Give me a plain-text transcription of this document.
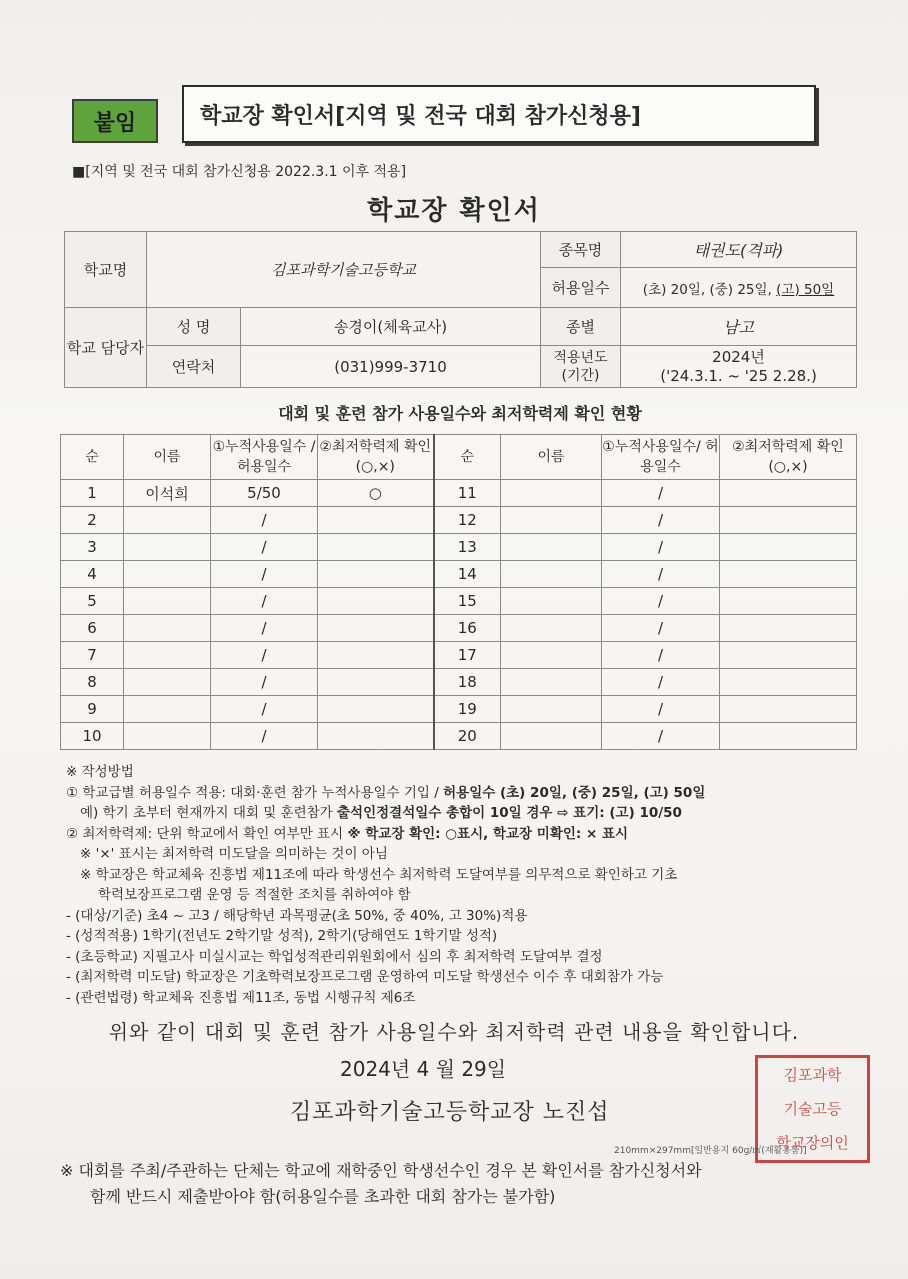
붙임	학교장 확인서[지역 및 전국 대회 참가신청용]
■[지역 및 전국 대회 참가신청용 2022.3.1 이후 적용]
학교장 확인서
학교명	김포과학기술고등학교		종목명	태권도(격파)
			허용일수	(초) 20일, (중) 25일, (고) 50일
학교 담당자	성 명	송경이(체육교사)	종별	남고
	연락처	(031)999-3710	적용년도 (기간)	2024년
('24.3.1. ~ '25 2.28.)
대회 및 훈련 참가 사용일수와 최저학력제 확인 현황
순	이름	①누적사용일수 /허용일수	②최저학력제 확인(○,×)	순	이름	①누적사용일수/ 허용일수	②최저학력제 확인(○,×)
1	이석희	5/50	○	11		/	
2		/		12		/	
3		/		13		/	
4		/		14		/	
5		/		15		/	
6		/		16		/	
7		/		17		/	
8		/		18		/	
9		/		19		/	
10		/		20		/	
※ 작성방법
① 학교급별 허용일수 적용: 대회·훈련 참가 누적사용일수 기입 / 허용일수 (초) 20일, (중) 25일, (고) 50일
예) 학기 초부터 현재까지 대회 및 훈련참가 출석인정결석일수 총합이 10일 경우 ⇨ 표기: (고) 10/50
② 최저학력제: 단위 학교에서 확인 여부만 표시 ※ 학교장 확인: ○표시, 학교장 미확인: × 표시
※ '×' 표시는 최저학력 미도달을 의미하는 것이 아님
※ 학교장은 학교체육 진흥법 제11조에 따라 학생선수 최저학력 도달여부를 의무적으로 확인하고 기초
학력보장프로그램 운영 등 적절한 조치를 취하여야 함
- (대상/기준) 초4 ~ 고3 / 해당학년 과목평균(초 50%, 중 40%, 고 30%)적용
- (성적적용) 1학기(전년도 2학기말 성적), 2학기(당해연도 1학기말 성적)
- (초등학교) 지필고사 미실시교는 학업성적관리위원회에서 심의 후 최저학력 도달여부 결정
- (최저학력 미도달) 학교장은 기초학력보장프로그램 운영하여 미도달 학생선수 이수 후 대회참가 가능
- (관련법령) 학교체육 진흥법 제11조, 동법 시행규칙 제6조
위와 같이 대회 및 훈련 참가 사용일수와 최저학력 관련 내용을 확인합니다.
2024년 4 월 29일
김포과학기술고등학교장 노진섭
김포과학
기술고등
학교장의인
210mm×297mm[일반용지 60g/㎡(재활용품)]
※ 대회를 주최/주관하는 단체는 학교에 재학중인 학생선수인 경우 본 확인서를 참가신청서와
함께 반드시 제출받아야 함(허용일수를 초과한 대회 참가는 불가함)
